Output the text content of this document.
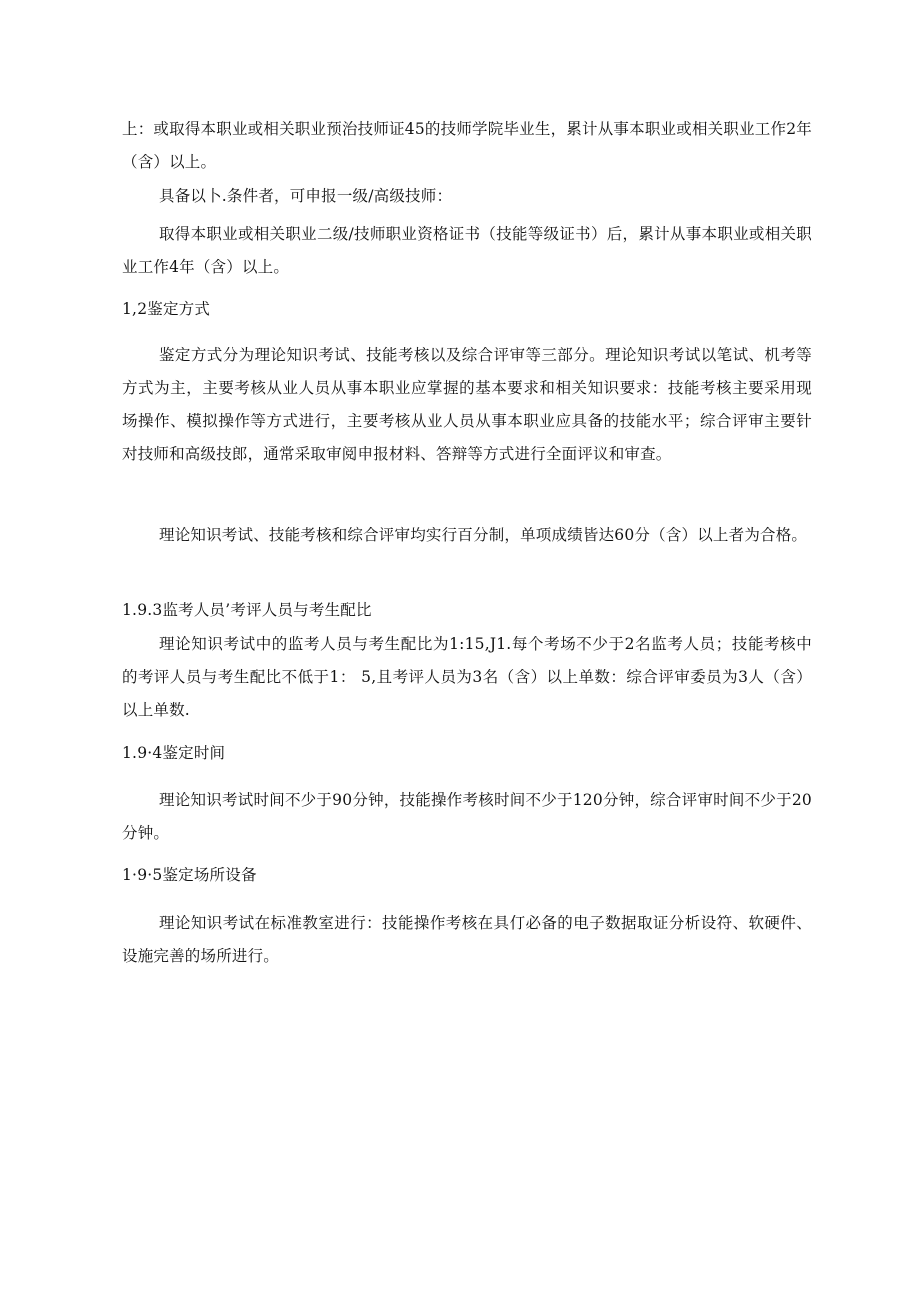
上：或取得本职业或相关职业预治技师证45的技师学院毕业生，累计从事本职业或相关职业工作2年（含）以上。

具备以卜.条件者，可申报一级/高级技师：

取得本职业或相关职业二级/技师职业资格证书（技能等级证书）后，累计从事本职业或相关职业工作4年（含）以上。

1,2鉴定方式

鉴定方式分为理论知识考试、技能考核以及综合评审等三部分。理论知识考试以笔试、机考等方式为主，主要考核从业人员从事本职业应掌握的基本要求和相关知识要求：技能考核主要采用现场操作、模拟操作等方式进行，主要考核从业人员从事本职业应具备的技能水平；综合评审主要针对技师和高级技郎，通常采取审阅申报材料、答辩等方式进行全面评议和审查。

理论知识考试、技能考核和综合评审均实行百分制，单项成绩皆达60分（含）以上者为合格。

1.9.3监考人员’考评人员与考生配比

理论知识考试中的监考人员与考生配比为1:15,J1.每个考场不少于2名监考人员；技能考核中的考评人员与考生配比不低于1： 5,且考评人员为3名（含）以上单数：综合评审委员为3人（含）以上单数.

1.9·4鉴定时间

理论知识考试时间不少于90分钟，技能操作考核时间不少于120分钟，综合评审时间不少于20分钟。

1·9·5鉴定场所设备

理论知识考试在标准教室进行：技能操作考核在具仃必备的电子数据取证分析设符、软硬件、设施完善的场所进行。
